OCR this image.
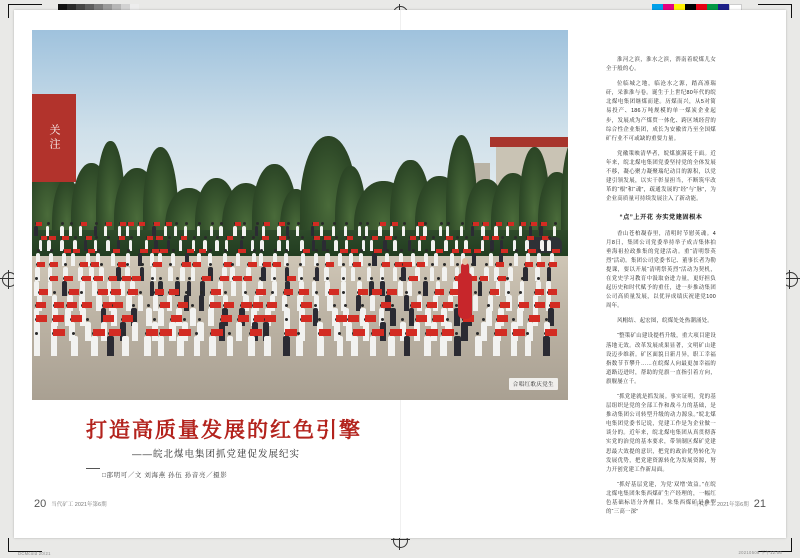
合唱红歌庆党生
关注
打造高质量发展的红色引擎
——皖北煤电集团抓党建促发展纪实
□邵明可／文 刘海燕 孙伍 孙音亮／摄影
20 当代矿工 2021年第6期	当代矿工 2021年第6期 21

淮河之滨，淮水之滨，淠南着皖煤儿女全于般的心。

位临城之地，临沧水之源，踏高凛瑞矸，采淮淮与卷。诞生于上世纪80年代的皖北煤电集团继煤而建。历煤而兴，从5对简易投产、186万吨规模的单一煤炭企业起步，发展成为产煤贸一体化、跨区域经营的综合性企业集团，成长为安徽省乃至全国煤矿行业不可或缺的重要力量。

党徽策映清华者，皖煤旗满花千面。近年来，皖北煤电集团党委坚持党的全体发展不移，凝心聚力凝聚瑞纪动目的源积，以党建引领发展，以实干彰显担当，不断筑牢改革的“根”和“魂”，疏通发展的“经”与“脉”，为企业高质量可持续发展注入了新动能。

“点”上开花 夯实党建固根本

香山苍柏凝春里，清明时节慰英魂。4月8日，集团公司党委举持举子成吉集体拍垂海祖拉政推集的党建活动。重“清明祭英烈”活动。集团公司党委书记、董事长者为勒提课，要以开展“清明祭英烈”活动为契机，在党史学习教育中汲取奋进力量，更好担负起历史和时代赋予的重任，进一步推动集团公司高质量发展，以优异成绩庆祝建党100周年。

风帽结、起宏图，皖煤处处热潮涌处。

“整策矿山建设提档升级，重大项目建设落地无效。改革发展成果显著，文明矿山建设迈步维新。矿区面貌日新月异，职工幸福指数节节攀升……在皖煤人向最更加幸福的道路迈进时，帮助的党旗一直指引着方向，旗舰屡立千。

“抓党建就是抓发展。事实证明，党的基层组织是党的全部工作和战斗力的基础，是推动集团公司转型升级的动力源泉。”皖北煤电集团党委书记说，党建工作是为企业做一谈分的。近年来，皖北煤电集团从真贯彻落实党的治党的基本要求，带领制区煤矿党建思最大效提的意识，把党的政治优势转化为发展优势，把党建资源转化为发展资源，努力开创党建工作新局面。

“抓好基层党建，为党‘双增’效益。”在皖北煤电集团朱集西煤矿生产经理的，一幅红色基础标语分外醒目。朱集西煤矿是典型的“三高一深”

DCMcold 20/21	20210508 下午12:06
